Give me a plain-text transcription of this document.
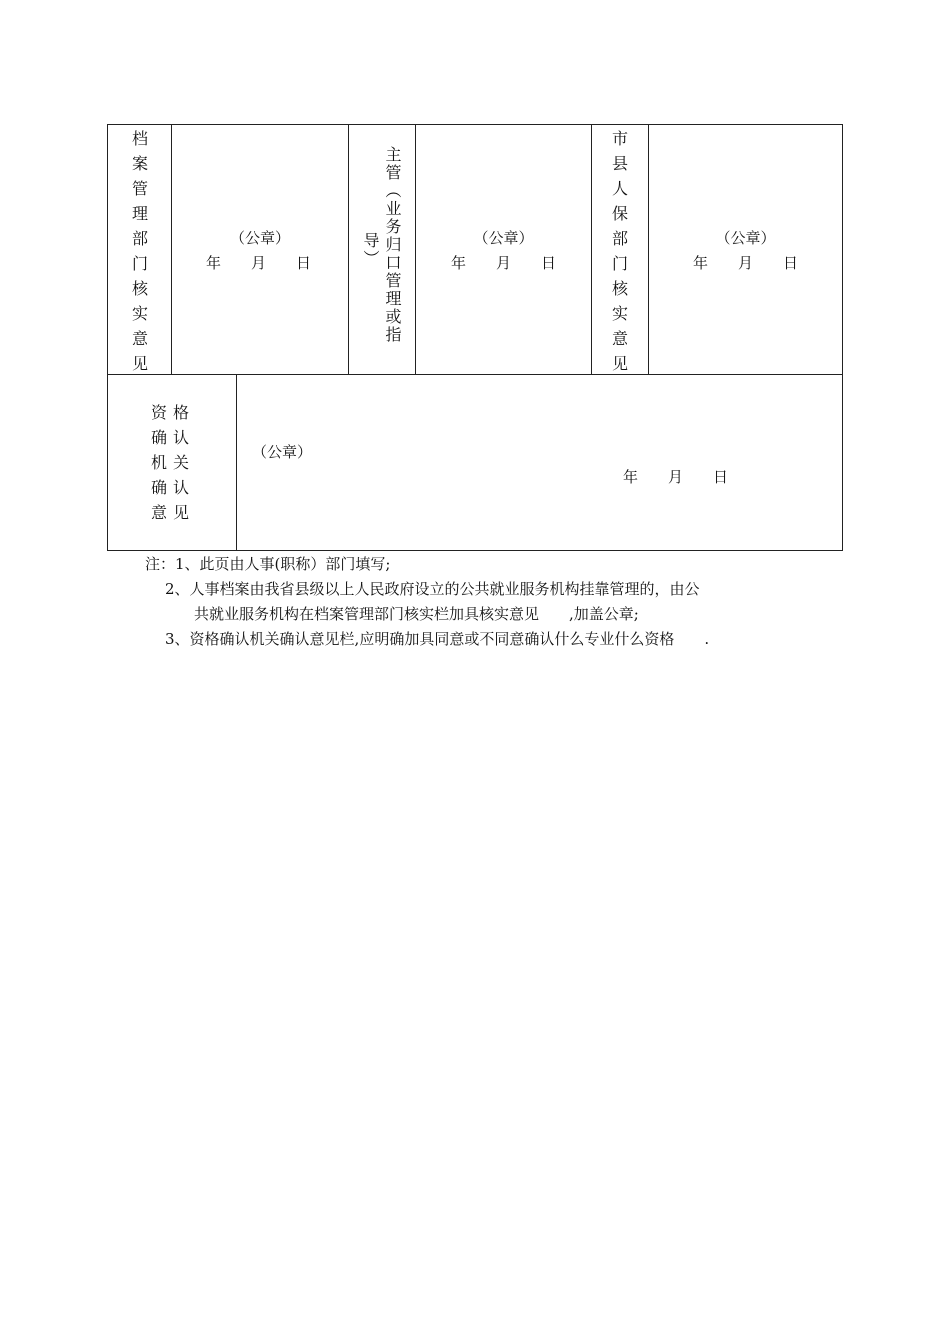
档
案
管
理
部
门
核
实
意
见
（公章）
年　　月　　日	主管（业务归口管理或指
导）	（公章）
年　　月　　日
市
县
人
保
部
门
核
实
意
见
（公章）
年　　月　　日
资 格
确 认
机 关
确 认
意 见
（公章）
年　　月　　日
注：1、此页由人事(职称）部门填写;
2、人事档案由我省县级以上人民政府设立的公共就业服务机构挂靠管理的，由公
共就业服务机构在档案管理部门核实栏加具核实意见　　,加盖公章;
3、资格确认机关确认意见栏,应明确加具同意或不同意确认什么专业什么资格　　.
